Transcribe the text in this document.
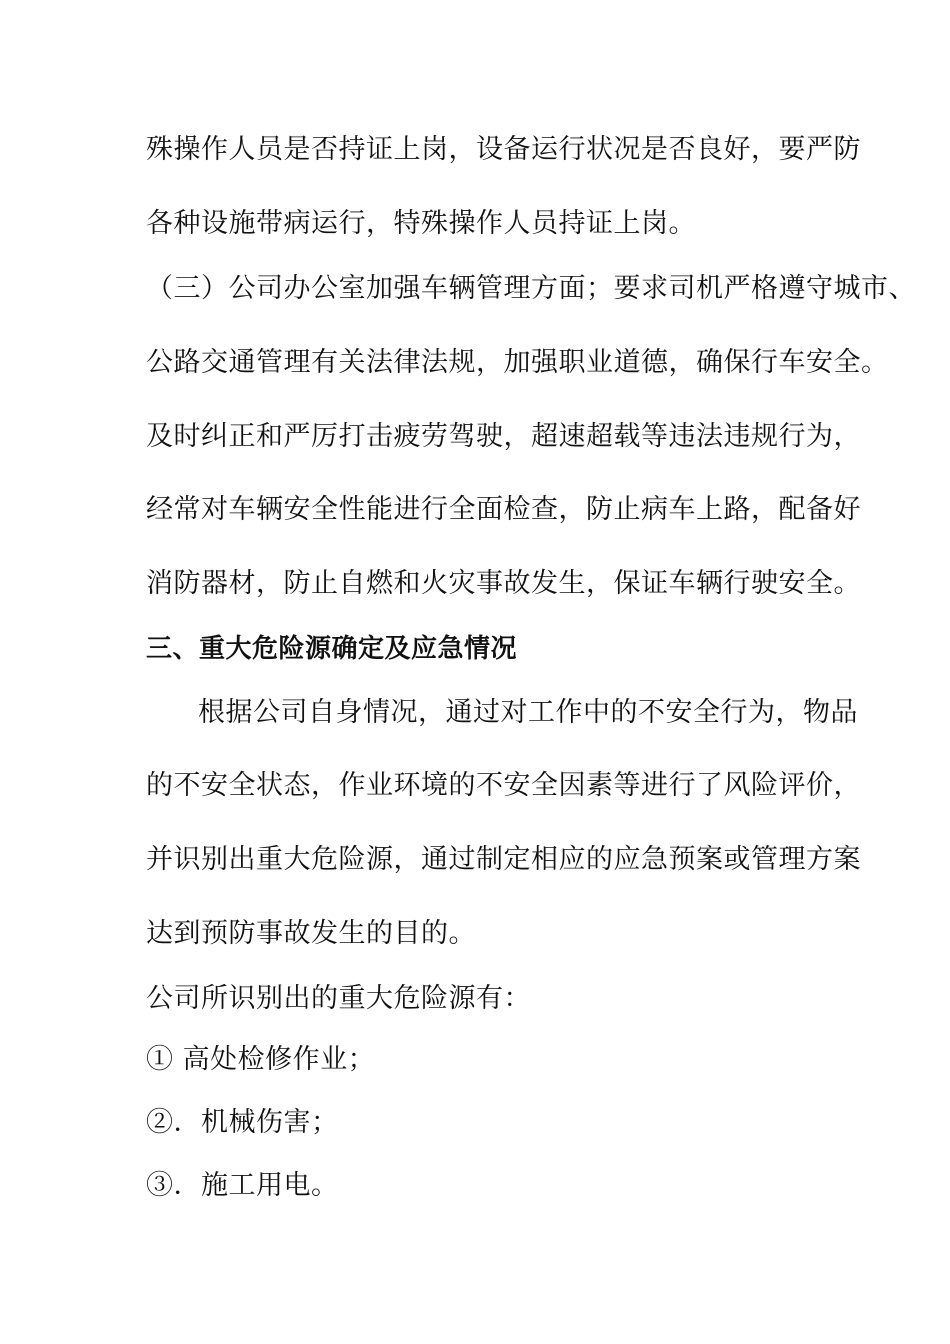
殊操作人员是否持证上岗，设备运行状况是否良好，要严防
各种设施带病运行，特殊操作人员持证上岗。
（三）公司办公室加强车辆管理方面；要求司机严格遵守城市、
公路交通管理有关法律法规，加强职业道德，确保行车安全。
及时纠正和严厉打击疲劳驾驶，超速超载等违法违规行为，
经常对车辆安全性能进行全面检查，防止病车上路，配备好
消防器材，防止自燃和火灾事故发生，保证车辆行驶安全。
三、重大危险源确定及应急情况
根据公司自身情况，通过对工作中的不安全行为，物品
的不安全状态，作业环境的不安全因素等进行了风险评价，
并识别出重大危险源，通过制定相应的应急预案或管理方案
达到预防事故发生的目的。
公司所识别出的重大危险源有：
① 高处检修作业；
②．机械伤害；
③．施工用电。
